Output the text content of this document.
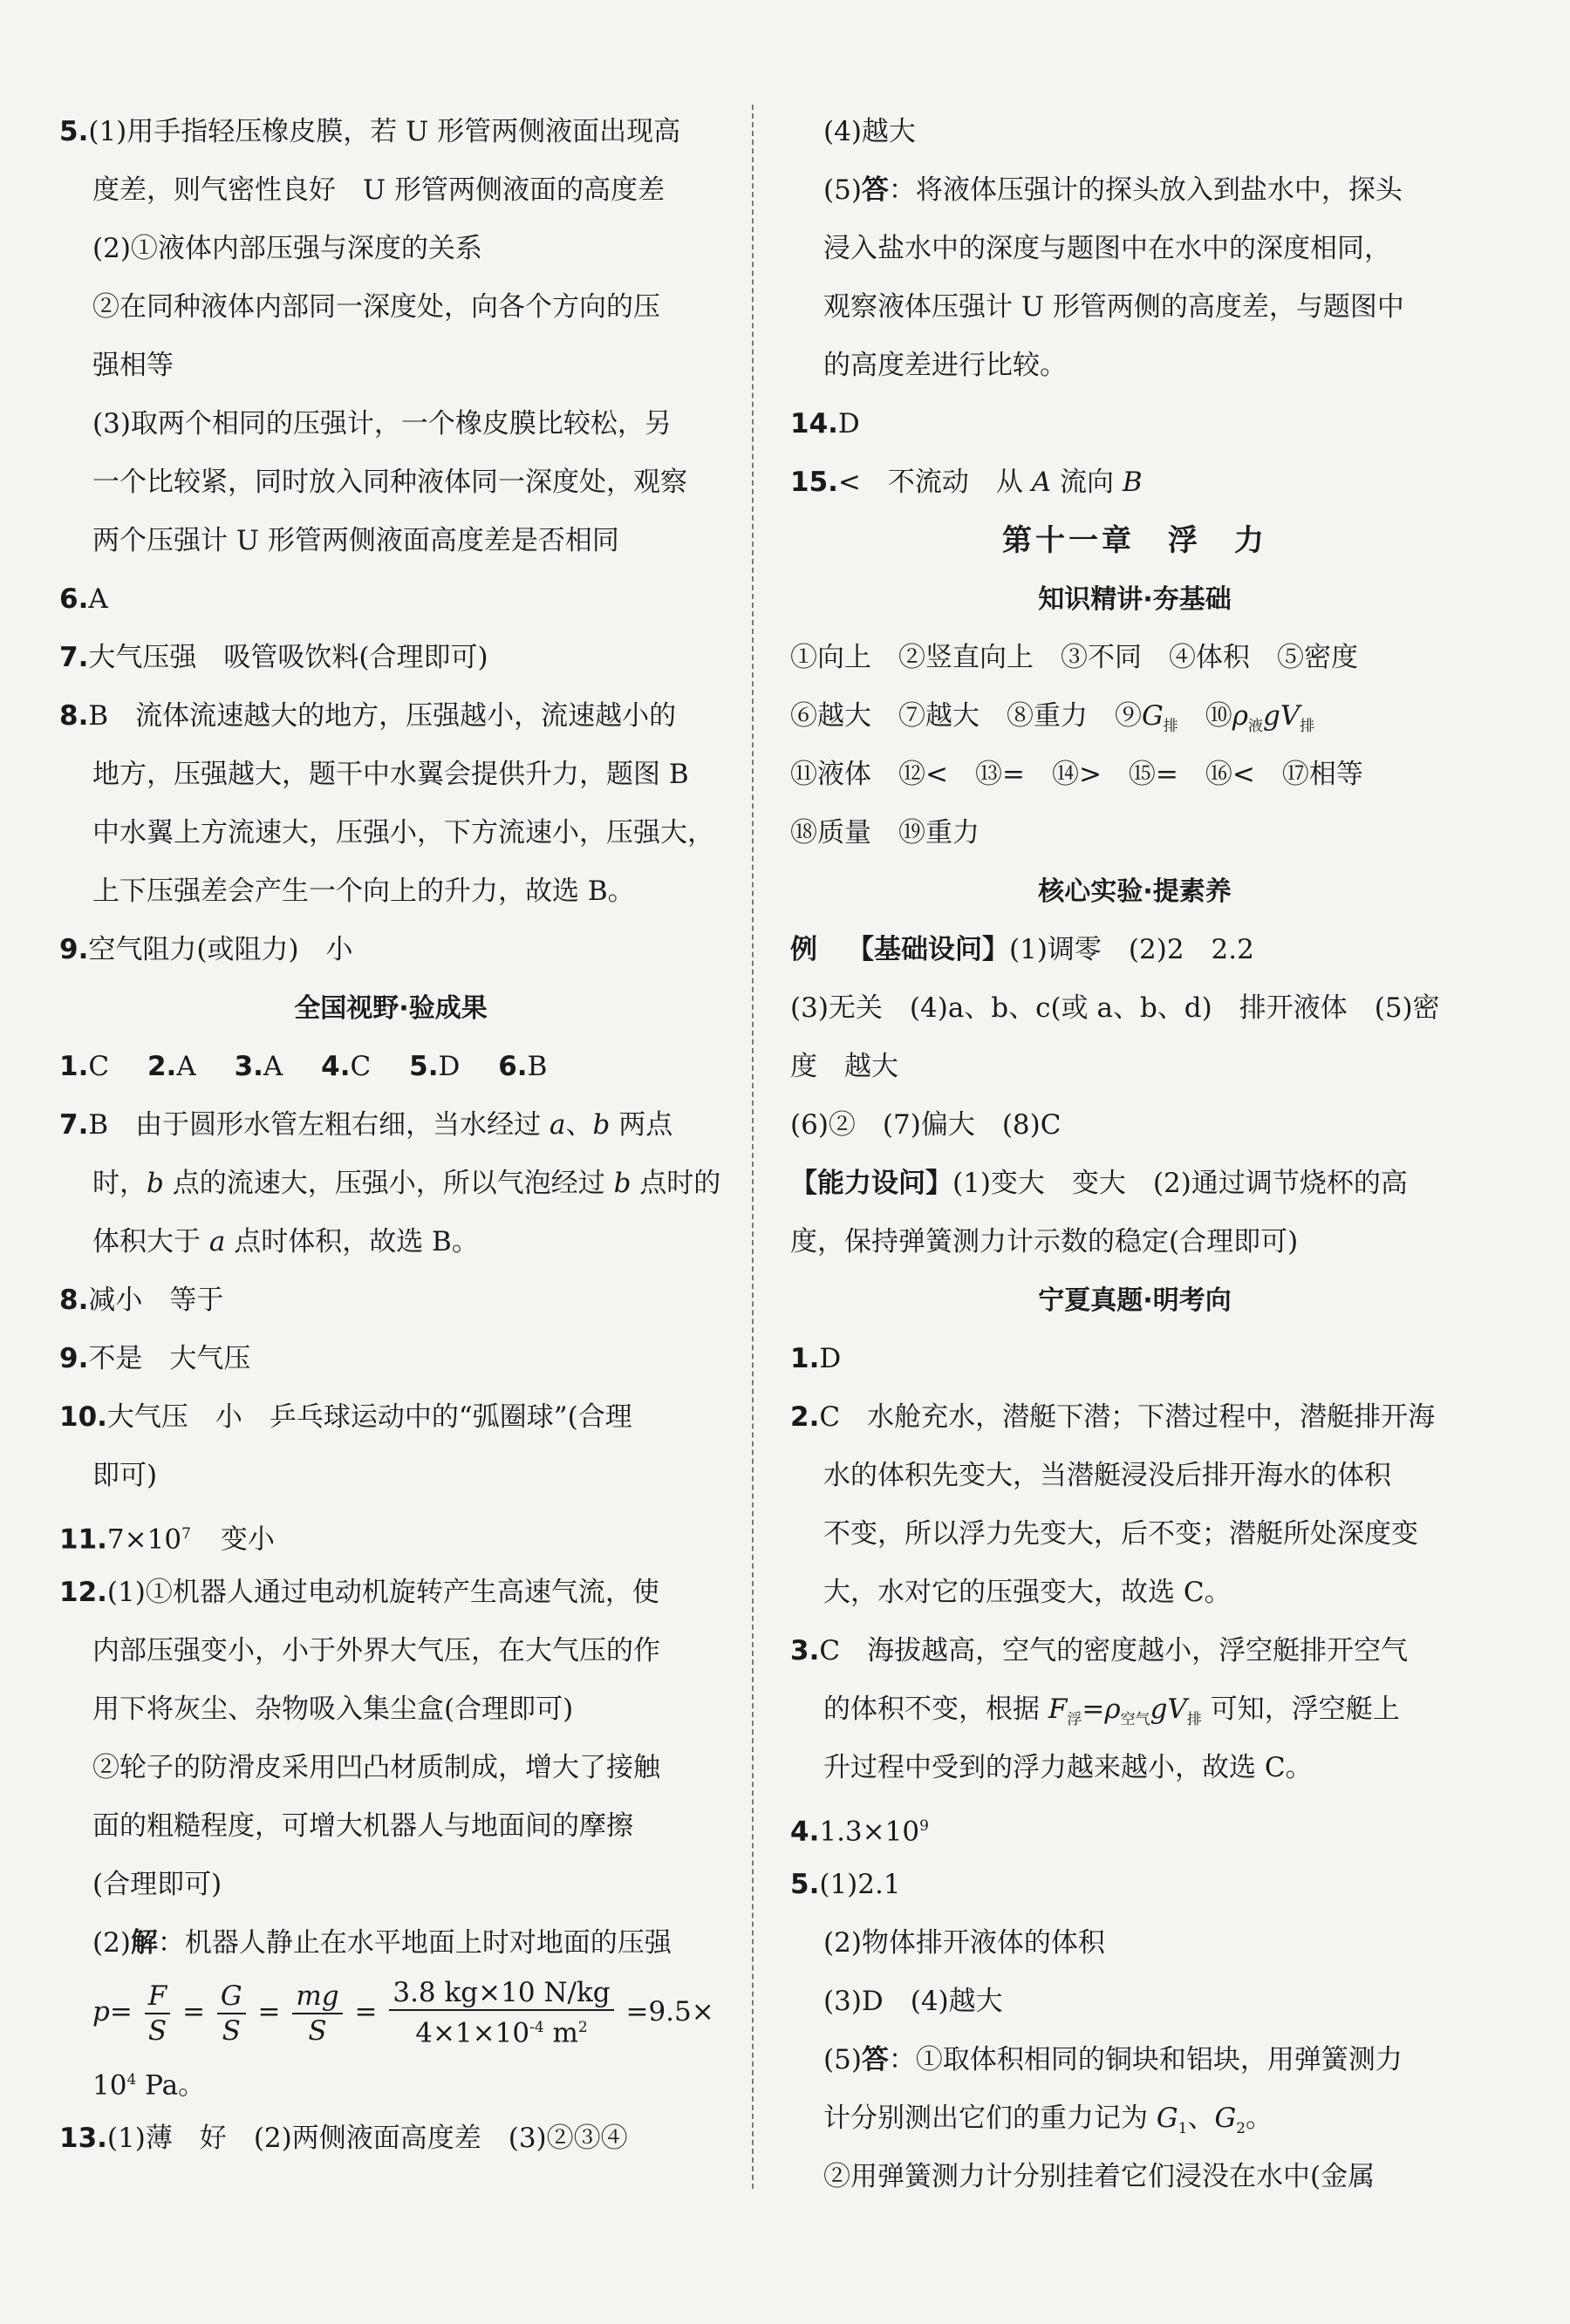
5.(1)用手指轻压橡皮膜，若 U 形管两侧液面出现高
度差，则气密性良好　U 形管两侧液面的高度差
(2)①液体内部压强与深度的关系
②在同种液体内部同一深度处，向各个方向的压
强相等
(3)取两个相同的压强计，一个橡皮膜比较松，另
一个比较紧，同时放入同种液体同一深度处，观察
两个压强计 U 形管两侧液面高度差是否相同
6.A
7.大气压强　吸管吸饮料(合理即可)
8.B　流体流速越大的地方，压强越小，流速越小的
地方，压强越大，题干中水翼会提供升力，题图 B
中水翼上方流速大，压强小，下方流速小，压强大，
上下压强差会产生一个向上的升力，故选 B。
9.空气阻力(或阻力)　小
全国视野·验成果
1.C 2.A 3.A 4.C 5.D 6.B
7.B　由于圆形水管左粗右细，当水经过 a、b 两点
时，b 点的流速大，压强小，所以气泡经过 b 点时的
体积大于 a 点时体积，故选 B。
8.减小　等于
9.不是　大气压
10.大气压　小　乒乓球运动中的“弧圈球”(合理
即可)
$11.7\times 10^7$ 变小
12.(1)①机器人通过电动机旋转产生高速气流，使
内部压强变小，小于外界大气压，在大气压的作
用下将灰尘、杂物吸入集尘盒(合理即可)
②轮子的防滑皮采用凹凸材质制成，增大了接触
面的粗糙程度，可增大机器人与地面间的摩擦
(合理即可)
(2)解：机器人静止在水平地面上时对地面的压强
$p= \frac{F}{S} = \frac{G}{S} = \frac{mg}{S} = \frac{3.8 kg\times 10 N/kg}{4\times 1\times 10^{-4} m^2} =9.5\times$
$10^4$ Pa。
13.(1)薄　好　(2)两侧液面高度差　(3)②③④
(4)越大
(5)答：将液体压强计的探头放入到盐水中，探头
浸入盐水中的深度与题图中在水中的深度相同，
观察液体压强计 U 形管两侧的高度差，与题图中
的高度差进行比较。
14.D
15.<　不流动　从 A 流向 B
第十一章　浮　力
知识精讲·夯基础
①向上　②竖直向上　③不同　④体积　⑤密度
⑥越大　⑦越大　⑧重力　$⑨G_排$　$⑩\rho_液gV_排$
⑪液体　⑫<　⑬=　⑭>　⑮=　⑯<　⑰相等
⑱质量　⑲重力
核心实验·提素养
例 【基础设问】(1)调零　(2)2　2.2
(3)无关　(4)a、b、c(或 a、b、d)　排开液体　(5)密
度　越大
(6)②　(7)偏大　(8)C
【能力设问】(1)变大　变大　(2)通过调节烧杯的高
度，保持弹簧测力计示数的稳定(合理即可)
宁夏真题·明考向
1.D
2.C　水舱充水，潜艇下潜；下潜过程中，潜艇排开海
水的体积先变大，当潜艇浸没后排开海水的体积
不变，所以浮力先变大，后不变；潜艇所处深度变
大，水对它的压强变大，故选 C。
3.C　海拔越高，空气的密度越小，浮空艇排开空气
的体积不变，根据 $F_浮=\rho_{空气}gV_排$ 可知，浮空艇上
升过程中受到的浮力越来越小，故选 C。
$4.1.3\times 10^9$
5.(1)2.1
(2)物体排开液体的体积
(3)D　(4)越大
(5)答：①取体积相同的铜块和铝块，用弹簧测力
计分别测出它们的重力记为 $G_1$、$G_2$。
②用弹簧测力计分别挂着它们浸没在水中(金属
